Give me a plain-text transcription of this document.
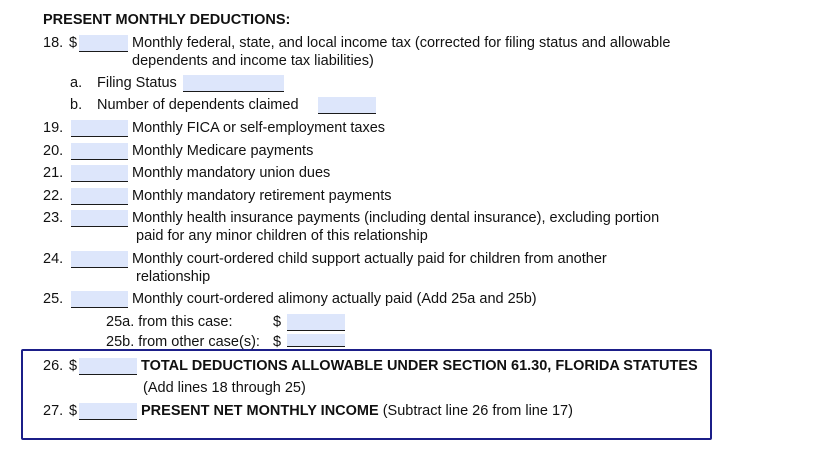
PRESENT MONTHLY DEDUCTIONS:
18. $	Monthly federal, state, and local income tax (corrected for filing status and allowable
dependents and income tax liabilities)
a. Filing Status
b. Number of dependents claimed
19.	Monthly FICA or self-employment taxes
20.	Monthly Medicare payments
21.	Monthly mandatory union dues
22.	Monthly mandatory retirement payments
23.	Monthly health insurance payments (including dental insurance), excluding portion
paid for any minor children of this relationship
24.	Monthly court-ordered child support actually paid for children from another
relationship
25.	Monthly court-ordered alimony actually paid (Add 25a and 25b)
25a. from this case:	$
25b. from other case(s): $
26. $	TOTAL DEDUCTIONS ALLOWABLE UNDER SECTION 61.30, FLORIDA STATUTES
(Add lines 18 through 25)
27. $	PRESENT NET MONTHLY INCOME (Subtract line 26 from line 17)
